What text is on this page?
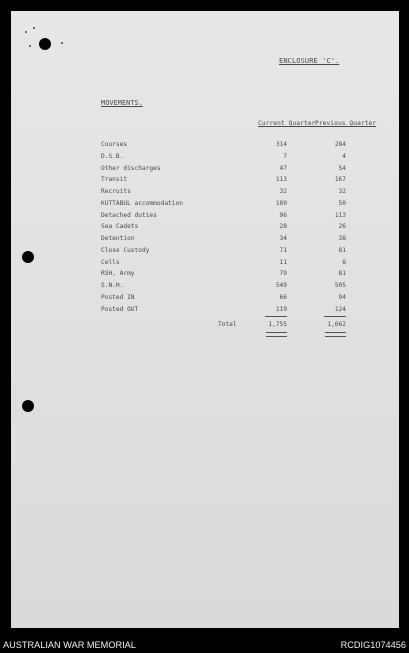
ENCLOSURE 'C'.
MOVEMENTS.
Current Quarter Previous Quarter
Courses	314	284
D.S.B.	7	4
Other discharges	47	54
Transit	113	167
Recruits	32	32
KUTTABUL accommodation	189	50
Detached duties	96	113
Sea Cadets	28	26
Detention	34	38
Close Custody	71	81
Cells	11	8
RSH, Army	79	81
S.N.H.	549	505
Posted IN	66	94
Posted OUT	119	124
Total	1,755	1,662
AUSTRALIAN WAR MEMORIAL	RCDIG1074456
